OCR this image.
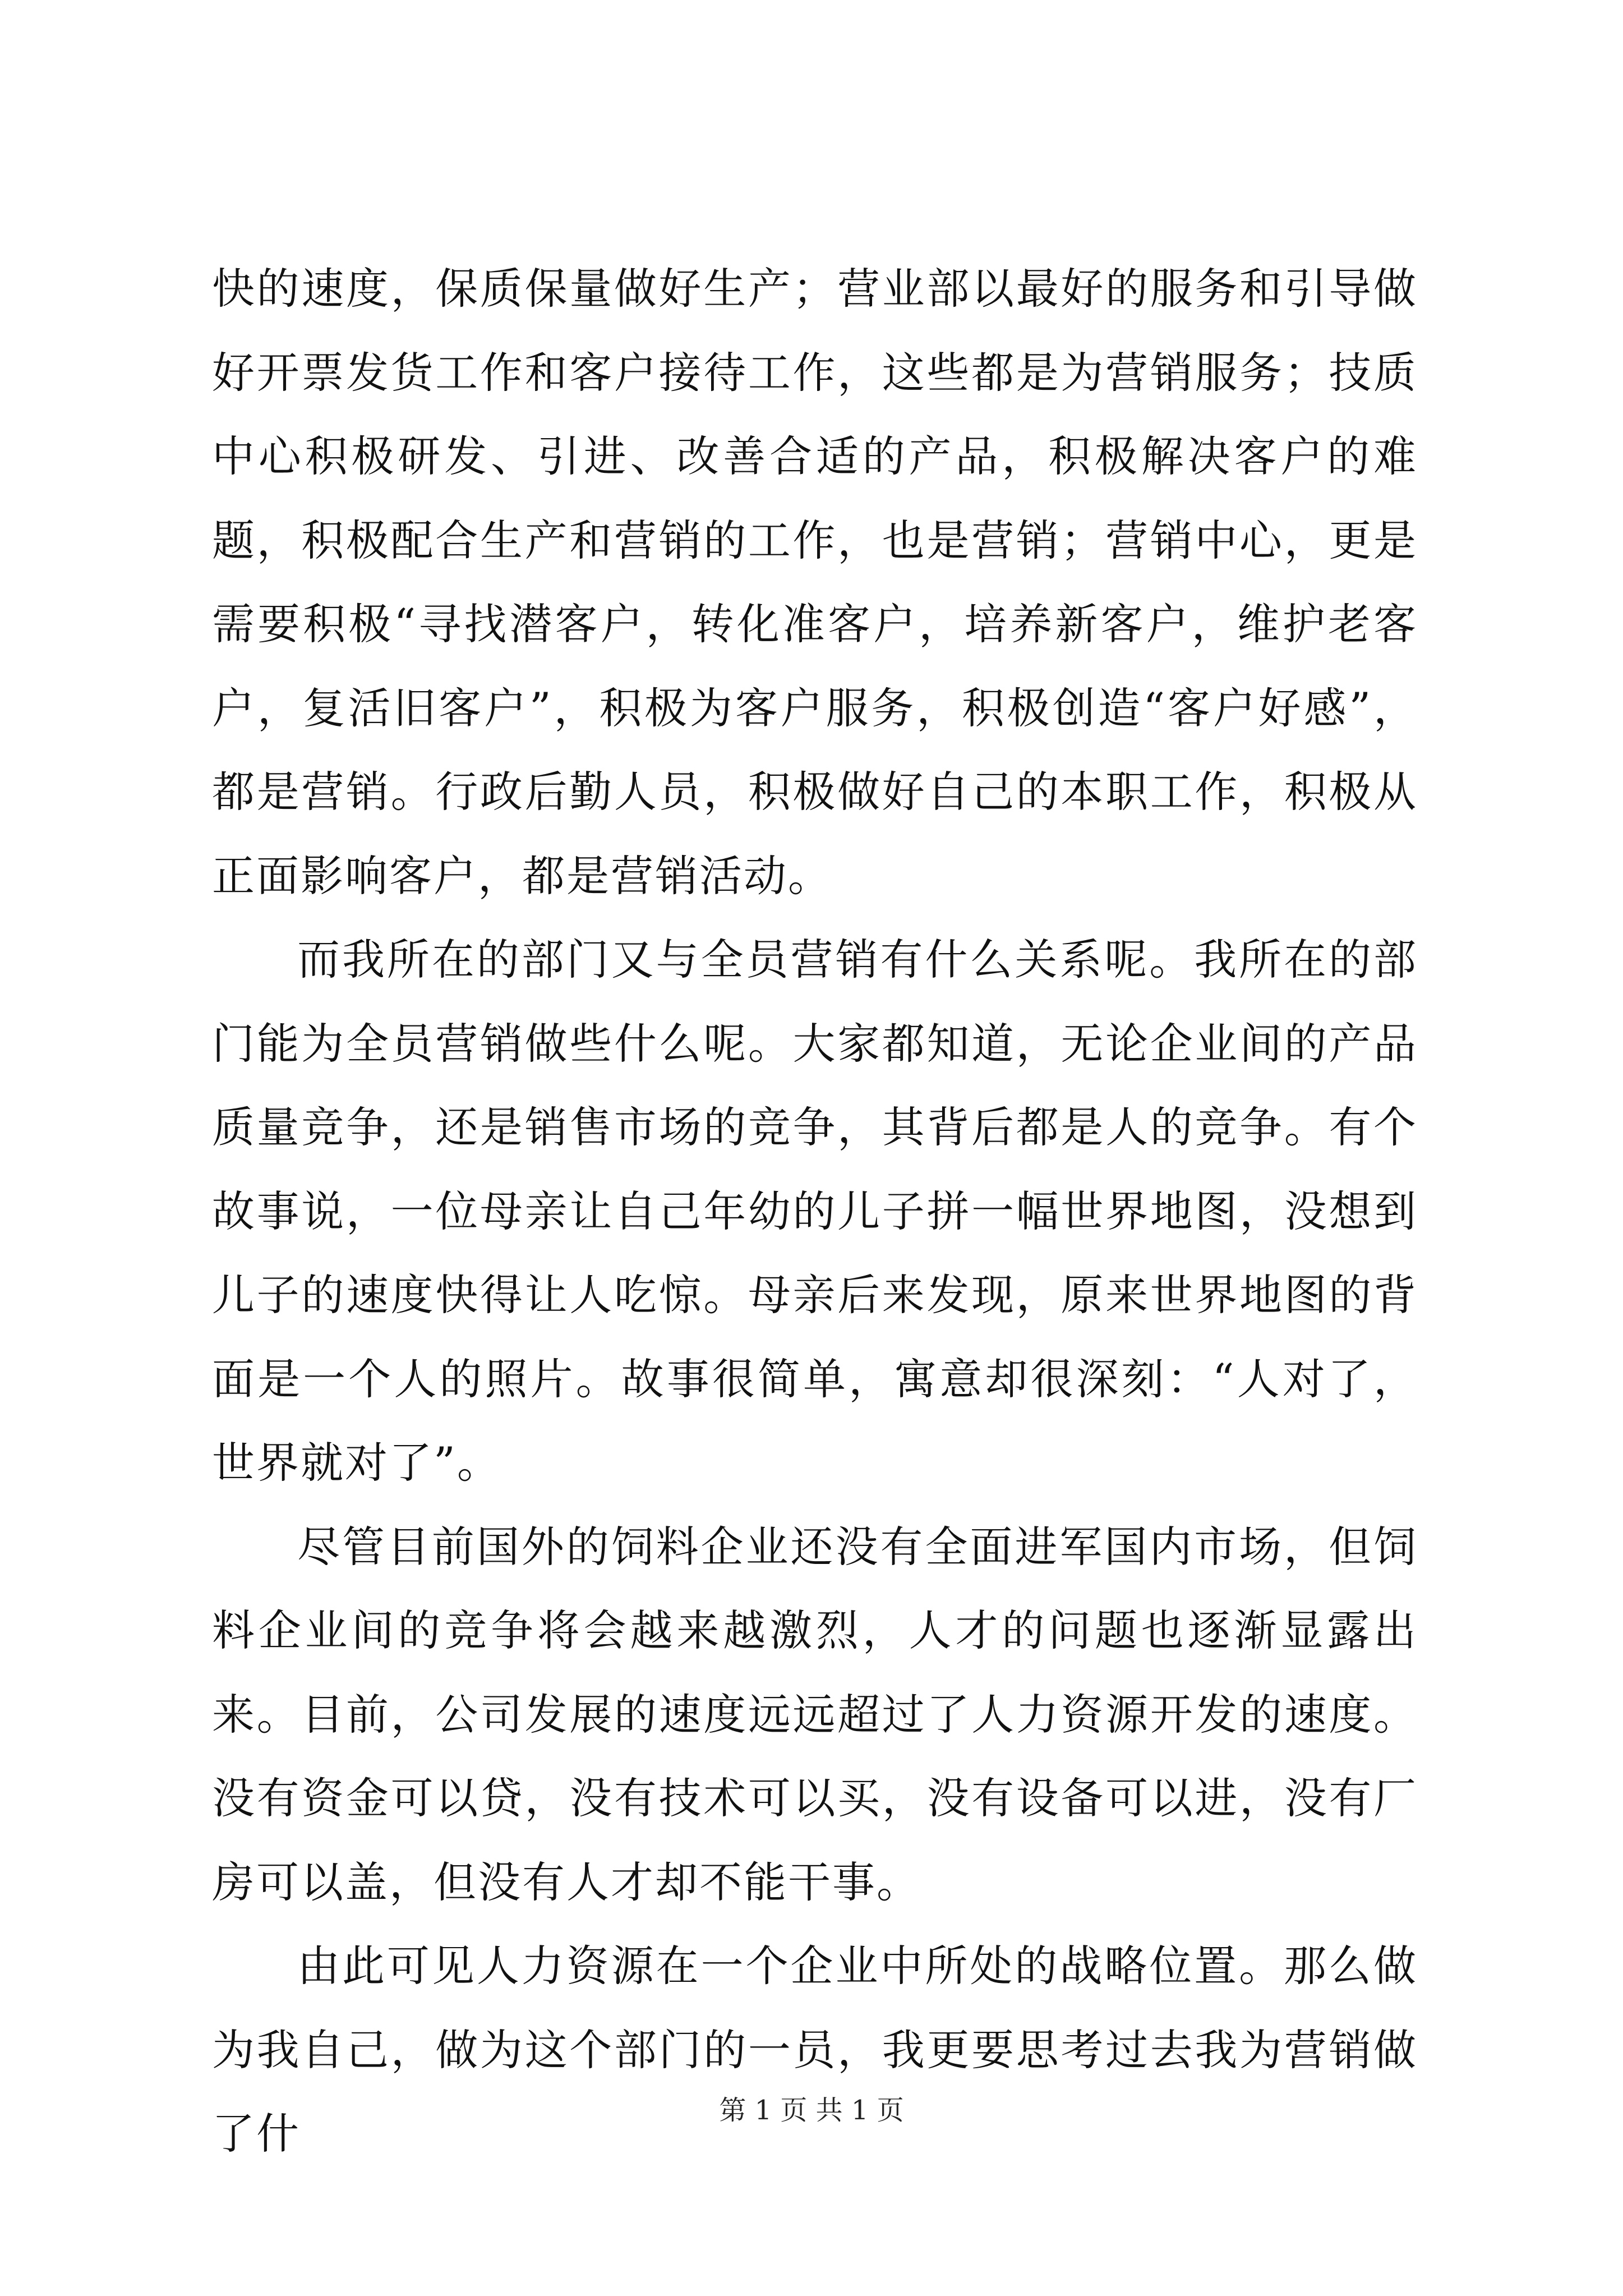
快的速度，保质保量做好生产；营业部以最好的服务和引导做好开票发货工作和客户接待工作，这些都是为营销服务；技质中心积极研发、引进、改善合适的产品，积极解决客户的难题，积极配合生产和营销的工作，也是营销；营销中心，更是需要积极“寻找潜客户，转化准客户，培养新客户，维护老客户，复活旧客户”，积极为客户服务，积极创造“客户好感”，都是营销。行政后勤人员，积极做好自己的本职工作，积极从正面影响客户，都是营销活动。

而我所在的部门又与全员营销有什么关系呢。我所在的部门能为全员营销做些什么呢。大家都知道，无论企业间的产品质量竞争，还是销售市场的竞争，其背后都是人的竞争。有个故事说，一位母亲让自己年幼的儿子拼一幅世界地图，没想到儿子的速度快得让人吃惊。母亲后来发现，原来世界地图的背面是一个人的照片。故事很简单，寓意却很深刻：“人对了，世界就对了”。

尽管目前国外的饲料企业还没有全面进军国内市场，但饲料企业间的竞争将会越来越激烈，人才的问题也逐渐显露出来。目前，公司发展的速度远远超过了人力资源开发的速度。没有资金可以贷，没有技术可以买，没有设备可以进，没有厂房可以盖，但没有人才却不能干事。

由此可见人力资源在一个企业中所处的战略位置。那么做为我自己，做为这个部门的一员，我更要思考过去我为营销做了什	第 1 页 共 1 页
